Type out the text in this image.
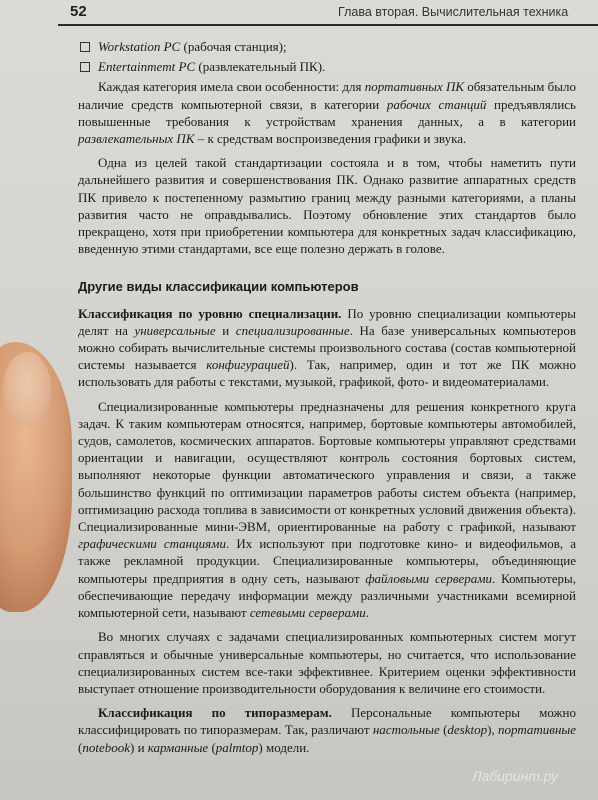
52	Глава вторая. Вычислительная техника
Workstation PC (рабочая станция);
Entertainmemt PC (развлекательный ПК).

Каждая категория имела свои особенности: для портативных ПК обязательным было наличие средств компьютерной связи, в категории рабочих станций предъявлялись повышенные требования к устройствам хранения данных, а в категории развлекательных ПК – к средствам воспроизведения графики и звука.

Одна из целей такой стандартизации состояла и в том, чтобы наметить пути дальнейшего развития и совершенствования ПК. Однако развитие аппаратных средств ПК привело к постепенному размытию границ между разными категориями, а планы развития часто не оправдывались. Поэтому обновление этих стандартов было прекращено, хотя при приобретении компьютера для конкретных задач классификацию, введенную этими стандартами, все еще полезно держать в голове.

Другие виды классификации компьютеров

Классификация по уровню специализации. По уровню специализации компьютеры делят на универсальные и специализированные. На базе универсальных компьютеров можно собирать вычислительные системы произвольного состава (состав компьютерной системы называется конфигурацией). Так, например, один и тот же ПК можно использовать для работы с текстами, музыкой, графикой, фото- и видеоматериалами.

Специализированные компьютеры предназначены для решения конкретного круга задач. К таким компьютерам относятся, например, бортовые компьютеры автомобилей, судов, самолетов, космических аппаратов. Бортовые компьютеры управляют средствами ориентации и навигации, осуществляют контроль состояния бортовых систем, выполняют некоторые функции автоматического управления и связи, а также большинство функций по оптимизации параметров работы систем объекта (например, оптимизацию расхода топлива в зависимости от конкретных условий движения объекта). Специализированные мини-ЭВМ, ориентированные на работу с графикой, называют графическими станциями. Их используют при подготовке кино- и видеофильмов, а также рекламной продукции. Специализированные компьютеры, объединяющие компьютеры предприятия в одну сеть, называют файловыми серверами. Компьютеры, обеспечивающие передачу информации между различными участниками всемирной компьютерной сети, называют сетевыми серверами.

Во многих случаях с задачами специализированных компьютерных систем могут справляться и обычные универсальные компьютеры, но считается, что использование специализированных систем все-таки эффективнее. Критерием оценки эффективности выступает отношение производительности оборудования к величине его стоимости.

Классификация по типоразмерам. Персональные компьютеры можно классифицировать по типоразмерам. Так, различают настольные (desktop), портативные (notebook) и карманные (palmtop) модели.

Лабиринт.ру
